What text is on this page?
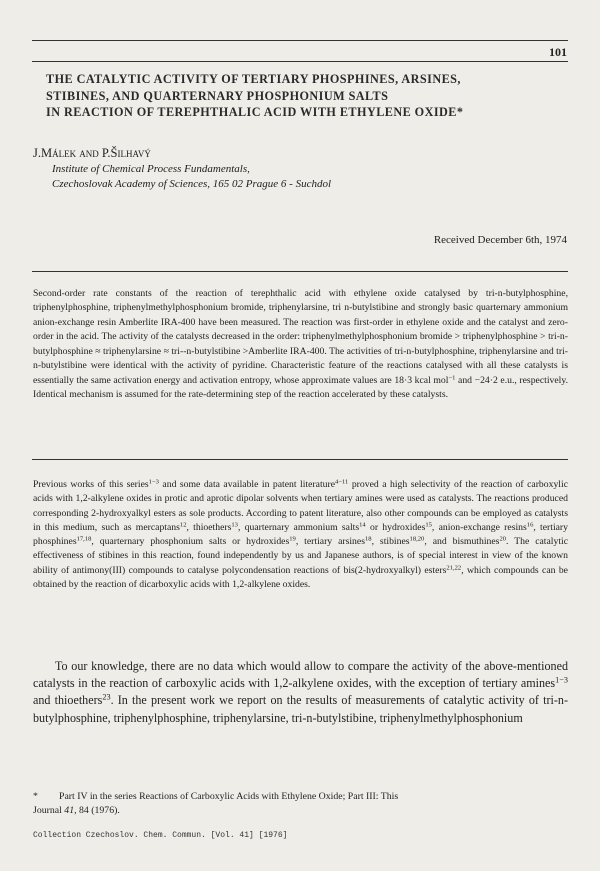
101
THE CATALYTIC ACTIVITY OF TERTIARY PHOSPHINES, ARSINES,
STIBINES, AND QUARTERNARY PHOSPHONIUM SALTS
IN REACTION OF TEREPHTHALIC ACID WITH ETHYLENE OXIDE*
J.Málek and P.Šilhavý
Institute of Chemical Process Fundamentals,
Czechoslovak Academy of Sciences, 165 02 Prague 6 - Suchdol
Received December 6th, 1974

Second-order rate constants of the reaction of terephthalic acid with ethylene oxide catalysed by tri-n-butylphosphine, triphenylphosphine, triphenylmethylphosphonium bromide, triphenylarsine, tri n-butylstibine and strongly basic quarternary ammonium anion-exchange resin Amberlite IRA-400 have been measured. The reaction was first-order in ethylene oxide and the catalyst and zero-order in the acid. The activity of the catalysts decreased in the order: triphenylmethylphosphonium bromide > triphenylphosphine > tri-n-butylphosphine ≈ triphenylarsine ≈ tri--n-butylstibine >Amberlite IRA-400. The activities of tri-n-butylphosphine, triphenylarsine and tri-n-butylstibine were identical with the activity of pyridine. Characteristic feature of the reactions catalysed with all these catalysts is essentially the same activation energy and activation entropy, whose approximate values are 18·3 kcal mol$^{-1}$ and −24·2 e.u., respectively. Identical mechanism is assumed for the rate-determining step of the reaction accelerated by these catalysts.

Previous works of this series$^{1-3}$ and some data available in patent literature$^{4-11}$ proved a high selectivity of the reaction of carboxylic acids with 1,2-alkylene oxides in protic and aprotic dipolar solvents when tertiary amines were used as catalysts. The reactions produced corresponding 2-hydroxyalkyl esters as sole products. According to patent literature, also other compounds can be employed as catalysts in this medium, such as mercaptans$^{12}$, thioethers$^{13}$, quarternary ammonium salts$^{14}$ or hydroxides$^{15}$, anion-exchange resins$^{16}$, tertiary phosphines$^{17,18}$, quarternary phosphonium salts or hydroxides$^{19}$, tertiary arsines$^{18}$, stibines$^{18,20}$, and bismuthines$^{20}$. The catalytic effectiveness of stibines in this reaction, found independently by us and Japanese authors, is of special interest in view of the known ability of antimony(III) compounds to catalyse polycondensation reactions of bis(2-hydroxyalkyl) esters$^{21,22}$, which compounds can be obtained by the reaction of dicarboxylic acids with 1,2-alkylene oxides.

To our knowledge, there are no data which would allow to compare the activity of the above-mentioned catalysts in the reaction of carboxylic acids with 1,2-alkylene oxides, with the exception of tertiary amines$^{1-3}$ and thioethers$^{23}$. In the present work we report on the results of measurements of catalytic activity of tri-n-butylphosphine, triphenylphosphine, triphenylarsine, tri-n-butylstibine, triphenylmethylphosphonium

* Part IV in the series Reactions of Carboxylic Acids with Ethylene Oxide; Part III: This
Journal 41, 84 (1976).
Collection Czechoslov. Chem. Commun. [Vol. 41] [1976]
